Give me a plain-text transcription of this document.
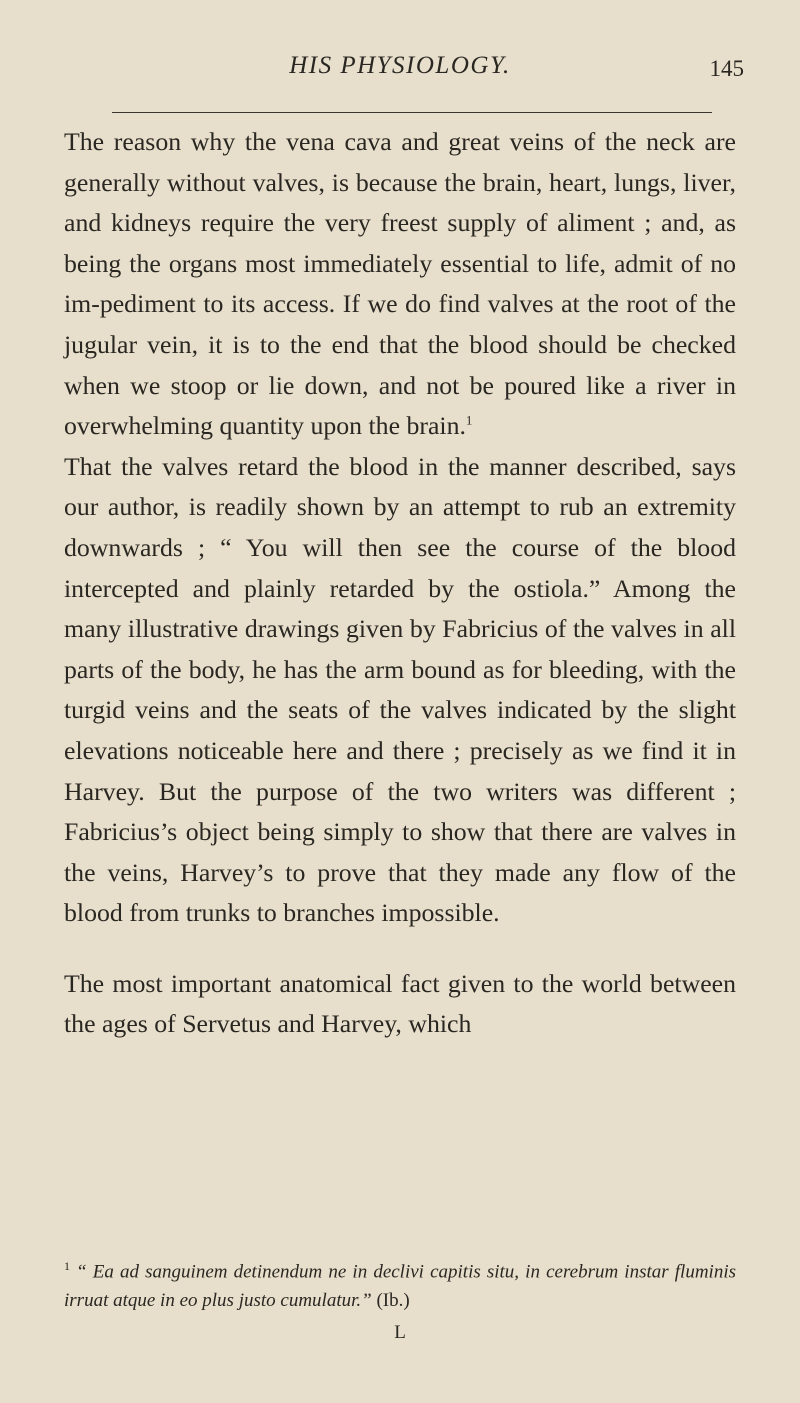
HIS PHYSIOLOGY.	145

The reason why the vena cava and great veins of the neck are generally without valves, is because the brain, heart, lungs, liver, and kidneys require the very freest supply of aliment ; and, as being the organs most immediately essential to life, admit of no im-pediment to its access. If we do find valves at the root of the jugular vein, it is to the end that the blood should be checked when we stoop or lie down, and not be poured like a river in overwhelming quantity upon the brain.$^1$

That the valves retard the blood in the manner described, says our author, is readily shown by an attempt to rub an extremity downwards ; “ You will then see the course of the blood intercepted and plainly retarded by the ostiola.” Among the many illustrative drawings given by Fabricius of the valves in all parts of the body, he has the arm bound as for bleeding, with the turgid veins and the seats of the valves indicated by the slight elevations noticeable here and there ; precisely as we find it in Harvey. But the purpose of the two writers was different ; Fabricius’s object being simply to show that there are valves in the veins, Harvey’s to prove that they made any flow of the blood from trunks to branches impossible.

The most important anatomical fact given to the world between the ages of Servetus and Harvey, which

$^1$ “ Ea ad sanguinem detinendum ne in declivi capitis situ, in cerebrum instar fluminis irruat atque in eo plus justo cumulatur.” (Ib.)
L
